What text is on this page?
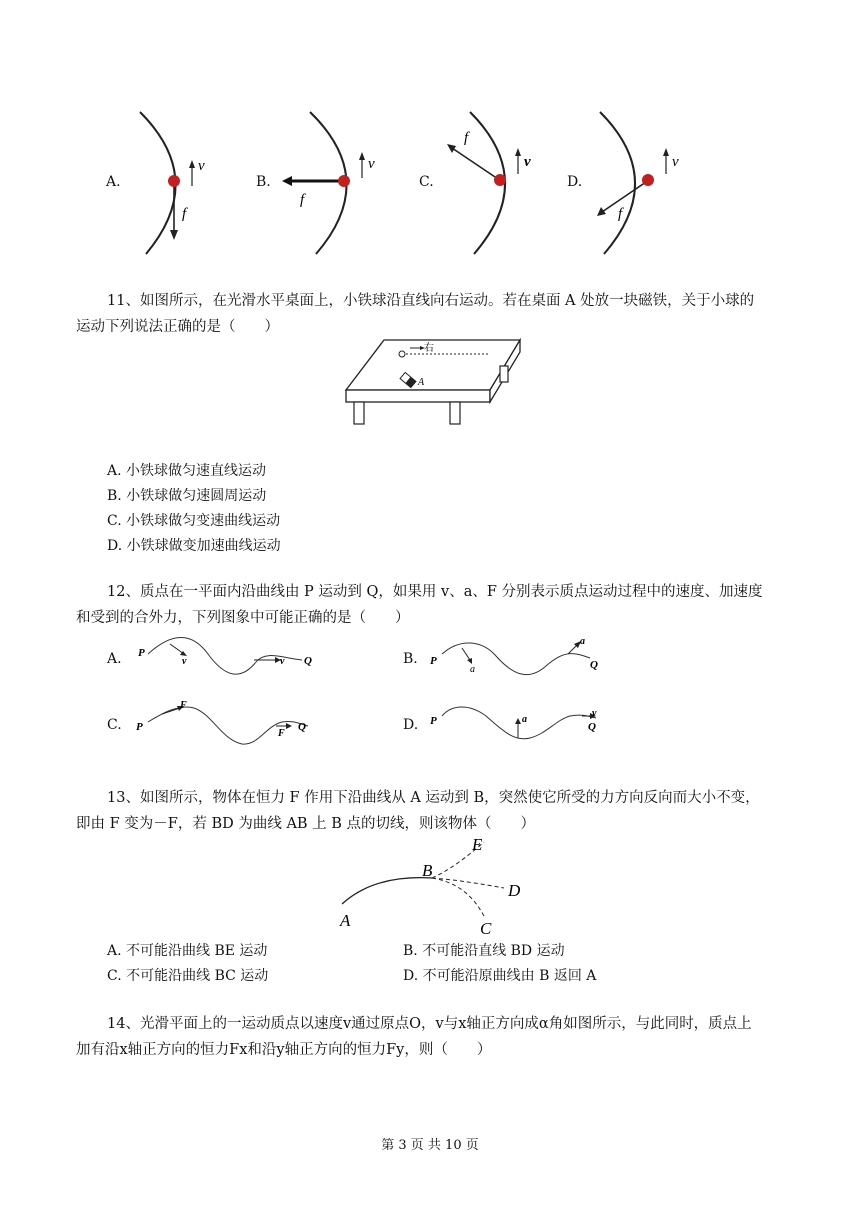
A.
v
f
B.
v
f
C.
v
f
D.
v
f
11、如图所示，在光滑水平桌面上，小铁球沿直线向右运动。若在桌面 A 处放一块磁铁，关于小球的
运动下列说法正确的是（　　）
右
A
A. 小铁球做匀速直线运动
B. 小铁球做匀速圆周运动
C. 小铁球做匀变速曲线运动
D. 小铁球做变加速曲线运动
12、质点在一平面内沿曲线由 P 运动到 Q，如果用 v、a、F 分别表示质点运动过程中的速度、加速度
和受到的合外力，下列图象中可能正确的是（　　）
A. P
v	v Q	B. P
a
a
Q
C. P
F
F
Q	D. P	a
v
Q
13、如图所示，物体在恒力 F 作用下沿曲线从 A 运动到 B，突然使它所受的力方向反向而大小不变，
即由 F 变为－F，若 BD 为曲线 AB 上 B 点的切线，则该物体（　　）
A
B
C
D
E
A. 不可能沿曲线 BE 运动	B. 不可能沿直线 BD 运动
C. 不可能沿曲线 BC 运动	D. 不可能沿原曲线由 B 返回 A
14、光滑平面上的一运动质点以速度v通过原点O，v与x轴正方向成α角如图所示，与此同时，质点上
加有沿x轴正方向的恒力Fx和沿y轴正方向的恒力Fy，则（　　）
第 3 页 共 10 页
